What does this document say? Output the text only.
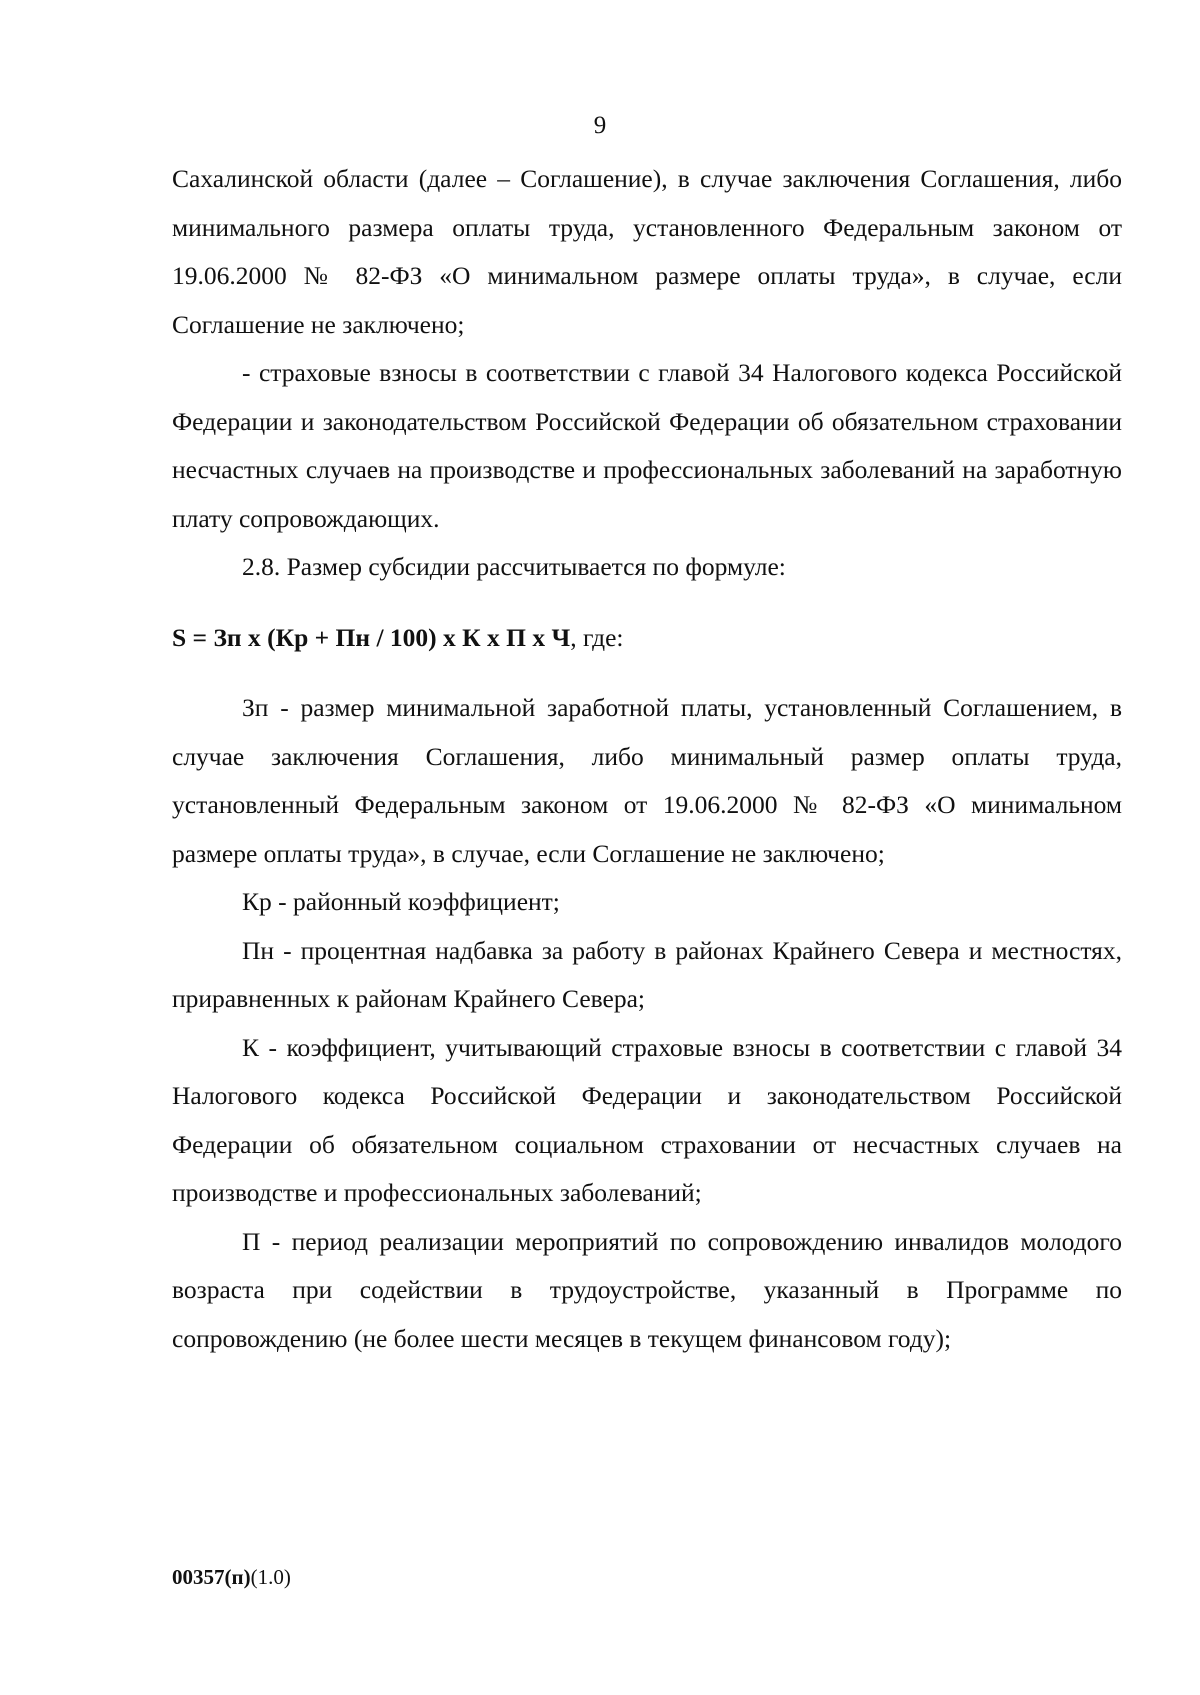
9

Сахалинской области (далее – Соглашение), в случае заключения Соглашения, либо минимального размера оплаты труда, установленного Федеральным законом от 19.06.2000 № 82-ФЗ «О минимальном размере оплаты труда», в случае, если Соглашение не заключено;

- страховые взносы в соответствии с главой 34 Налогового кодекса Российской Федерации и законодательством Российской Федерации об обязательном страховании несчастных случаев на производстве и профессиональных заболеваний на заработную плату сопровождающих.

2.8. Размер субсидии рассчитывается по формуле:

S = Зп х (Кр + Пн / 100) х К х П х Ч, где:

Зп - размер минимальной заработной платы, установленный Соглашением, в случае заключения Соглашения, либо минимальный размер оплаты труда, установленный Федеральным законом от 19.06.2000 № 82-ФЗ «О минимальном размере оплаты труда», в случае, если Соглашение не заключено;

Кр - районный коэффициент;

Пн - процентная надбавка за работу в районах Крайнего Севера и местностях, приравненных к районам Крайнего Севера;

К - коэффициент, учитывающий страховые взносы в соответствии с главой 34 Налогового кодекса Российской Федерации и законодательством Российской Федерации об обязательном социальном страховании от несчастных случаев на производстве и профессиональных заболеваний;

П - период реализации мероприятий по сопровождению инвалидов молодого возраста при содействии в трудоустройстве, указанный в Программе по сопровождению (не более шести месяцев в текущем финансовом году);

00357(п)(1.0)
